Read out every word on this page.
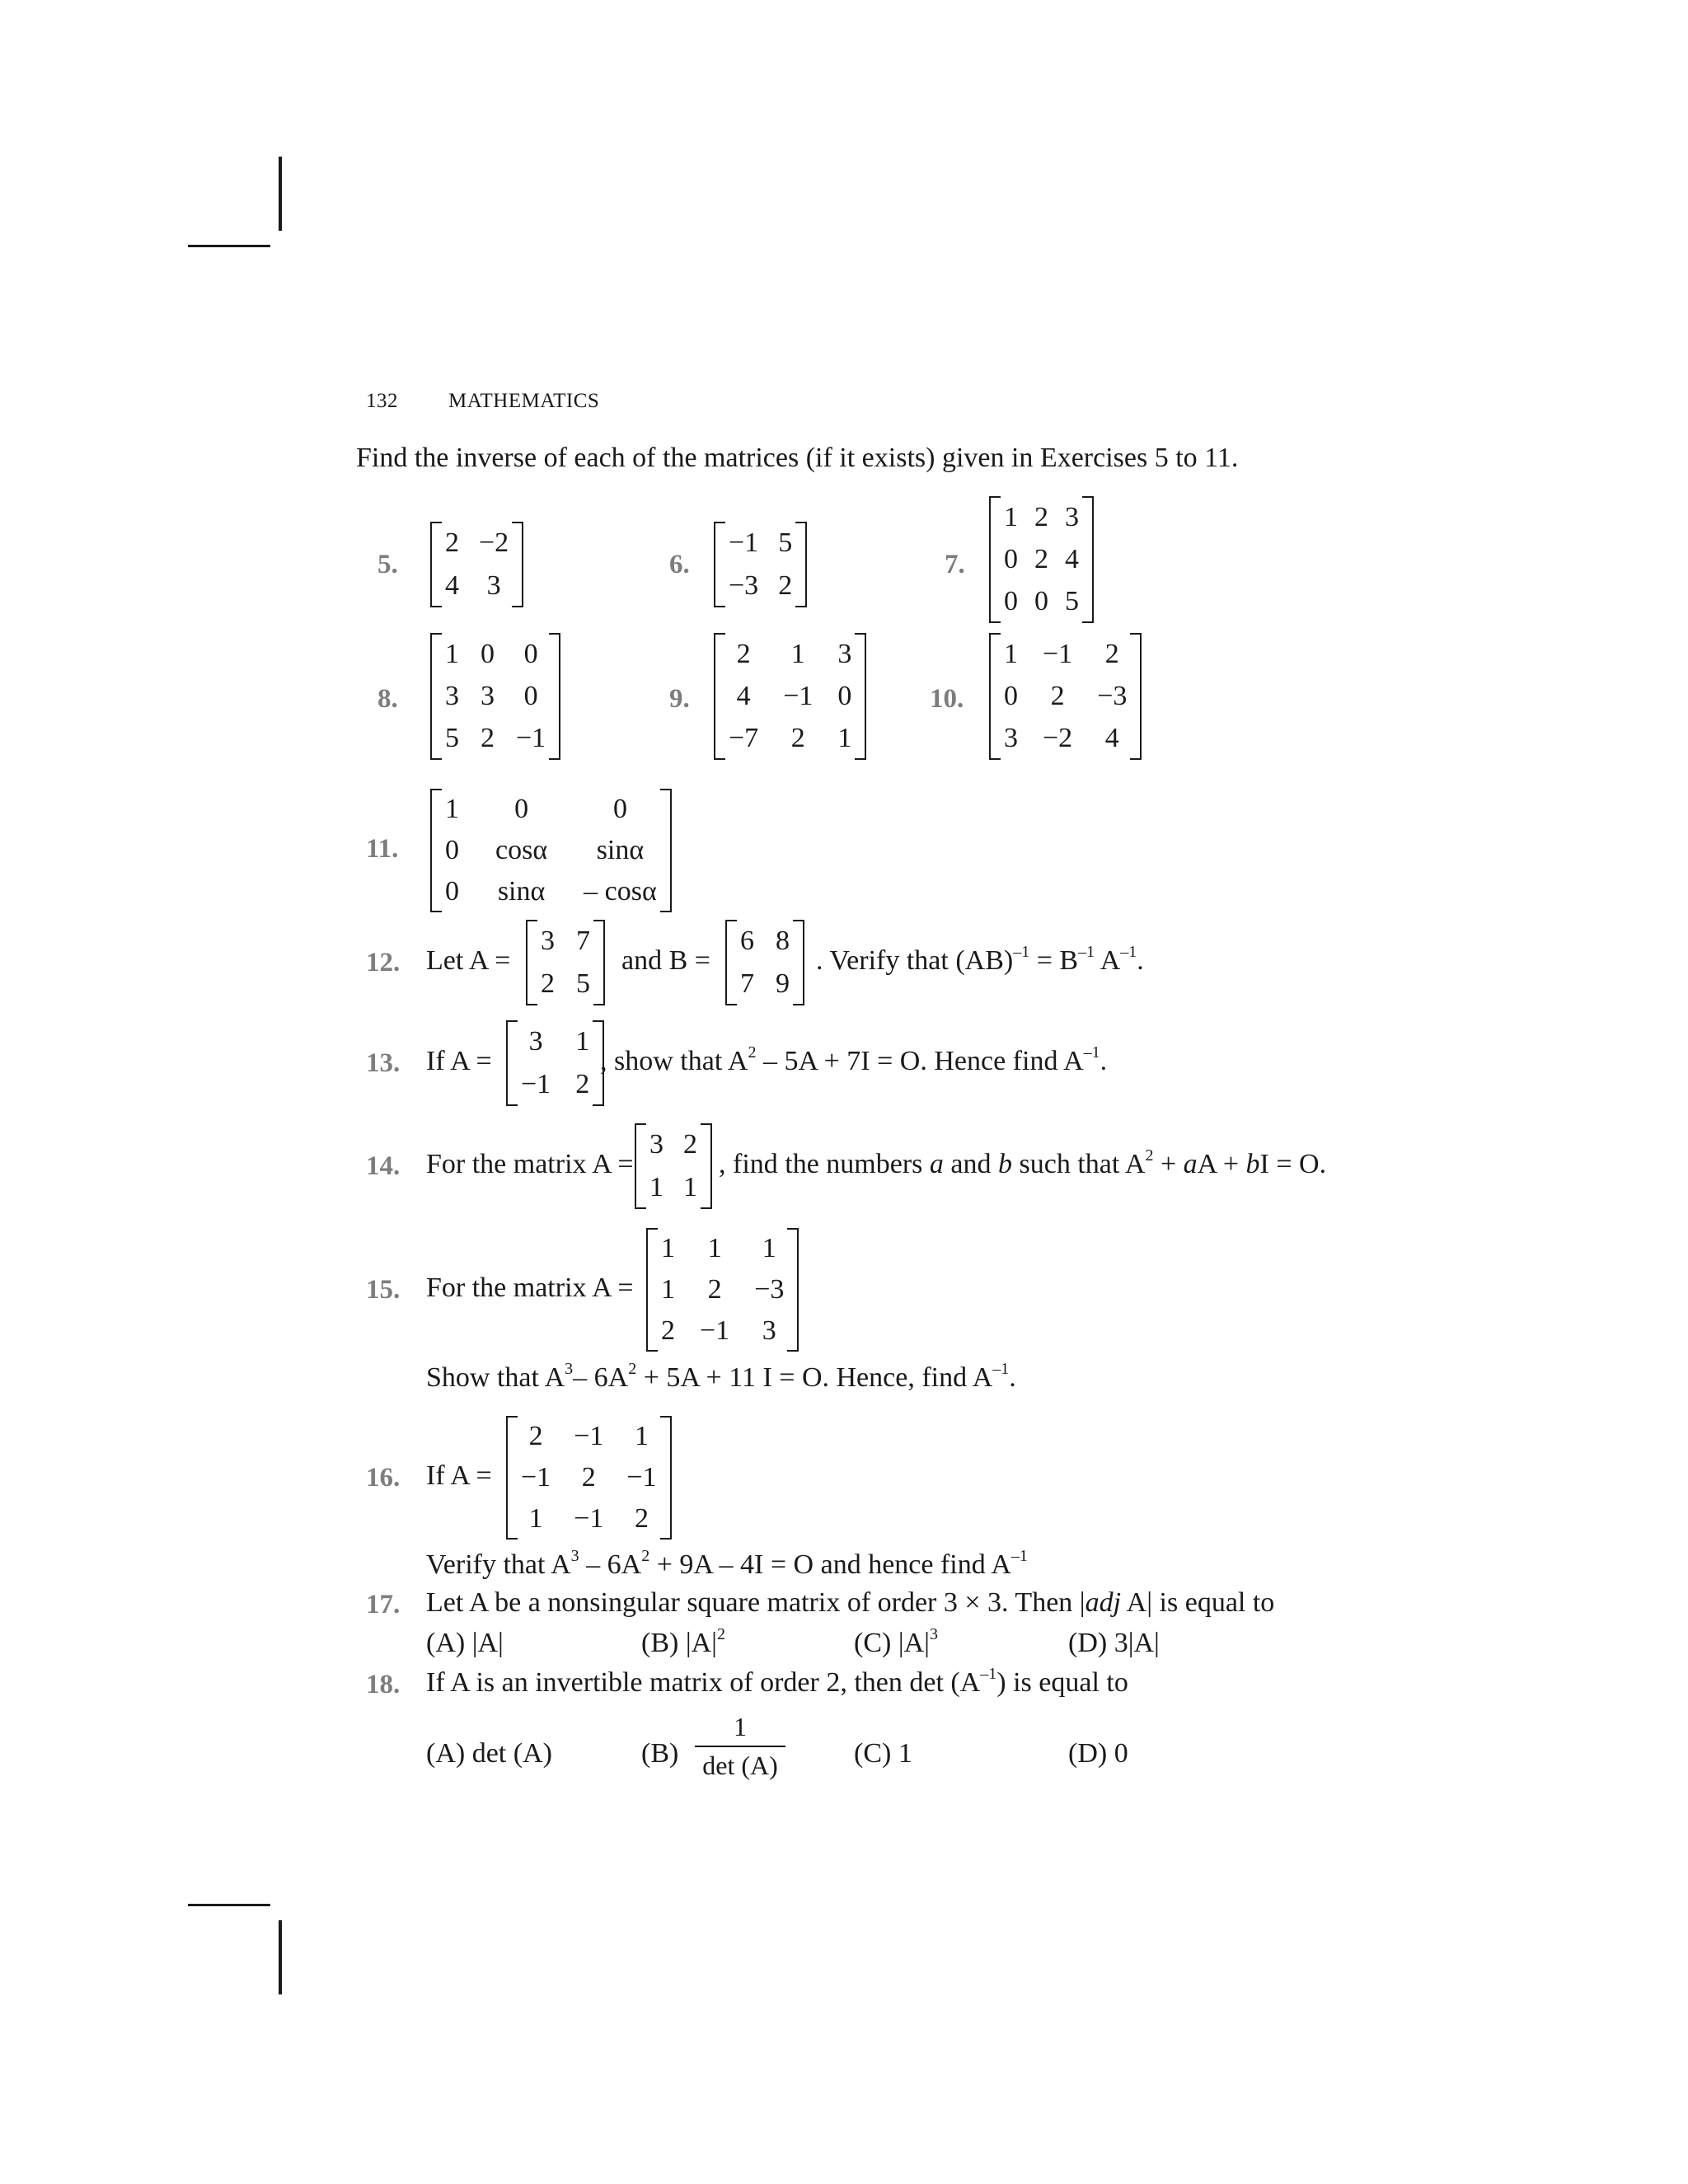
132 MATHEMATICS
Find the inverse of each of the matrices (if it exists) given in Exercises 5 to 11.
5.
2 −2
4 3
6.
−1 5
−3 2
7.
1 2 3
0 2 4
0 0 5
8.
1 0 0
3 3 0
5 2 −1
9.
2 1 3
4 −1 0
−7 2 1
10.
1 −1 2
0 2 −3
3 −2 4
11.
1	0	0
0 cosα	sinα
0 sinα – cosα
12. Let A =
3 7
2 5
and B =
6 8
7 9
. Verify that $(AB)^{-1} = B^{-1}$ $A^{-1}$.
13. If A =
3 1
−1 2
, show that $A^2 - 5A + 7I = O$. Hence find $A^{-1}$.
14. For the matrix A =
3 2
1 1
, find the numbers a and b such that $A^2$ + aA + bI = O.
15. For the matrix A =
1 1 1
1 2 −3
2 −1 3
Show that $A^3-$ $6A^2 + 5A + 11$ I = O. Hence, find $A^{-1}$.
16. If A =
2 −1 1
−1 2 −1
1 −1 2
Verify that $A^3 - 6A^2 + 9A - 4I = O$ and hence find $A^{-1}$
17. Let A be a nonsingular square matrix of order 3 × 3. Then |adj A| is equal to
(A) |A|	(B) $|A|^2$	(C) $|A|^3$	(D) 3|A|
18. If A is an invertible matrix of order 2, then $\det (A^{-1})$ is equal to
(A) det (A)	(B)
1
det (A)	(C) 1	(D) 0
